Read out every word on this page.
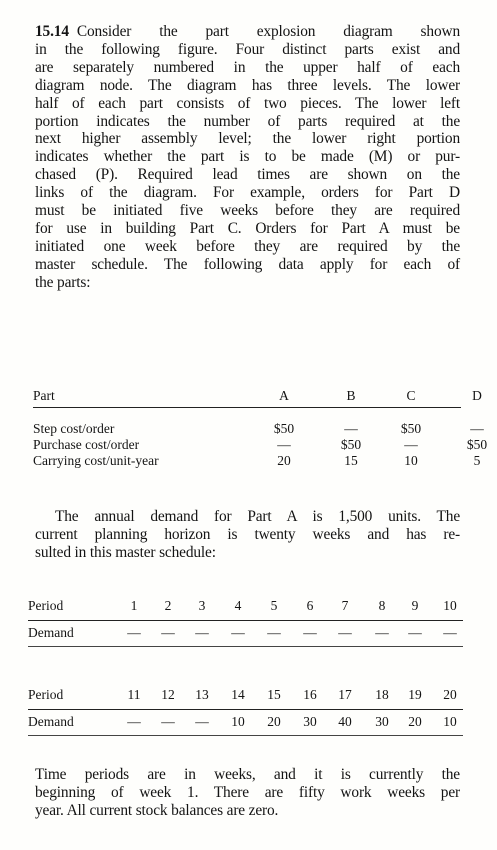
15.14 Consider the part explosion diagram shown
in the following figure. Four distinct parts exist and
are separately numbered in the upper half of each
diagram node. The diagram has three levels. The lower
half of each part consists of two pieces. The lower left
portion indicates the number of parts required at the
next higher assembly level; the lower right portion
indicates whether the part is to be made (M) or pur-
chased (P). Required lead times are shown on the
links of the diagram. For example, orders for Part D
must be initiated five weeks before they are required
for use in building Part C. Orders for Part A must be
initiated one week before they are required by the
master schedule. The following data apply for each of
the parts:
Part	A	B	C	D
Step cost/order	$50	—	$50	—
Purchase cost/order	—	$50	—	$50
Carrying cost/unit-year	20	15	10	5
The annual demand for Part A is 1,500 units. The
current planning horizon is twenty weeks and has re-
sulted in this master schedule:
Period	1	2	3	4	5	6	7	8	9	10
Demand	—	—	—	—	—	—	—	—	—	—
Period	11	12	13	14	15	16	17	18	19	20
Demand	—	—	—	10	20	30	40	30	20	10
Time periods are in weeks, and it is currently the
beginning of week 1. There are fifty work weeks per
year. All current stock balances are zero.
